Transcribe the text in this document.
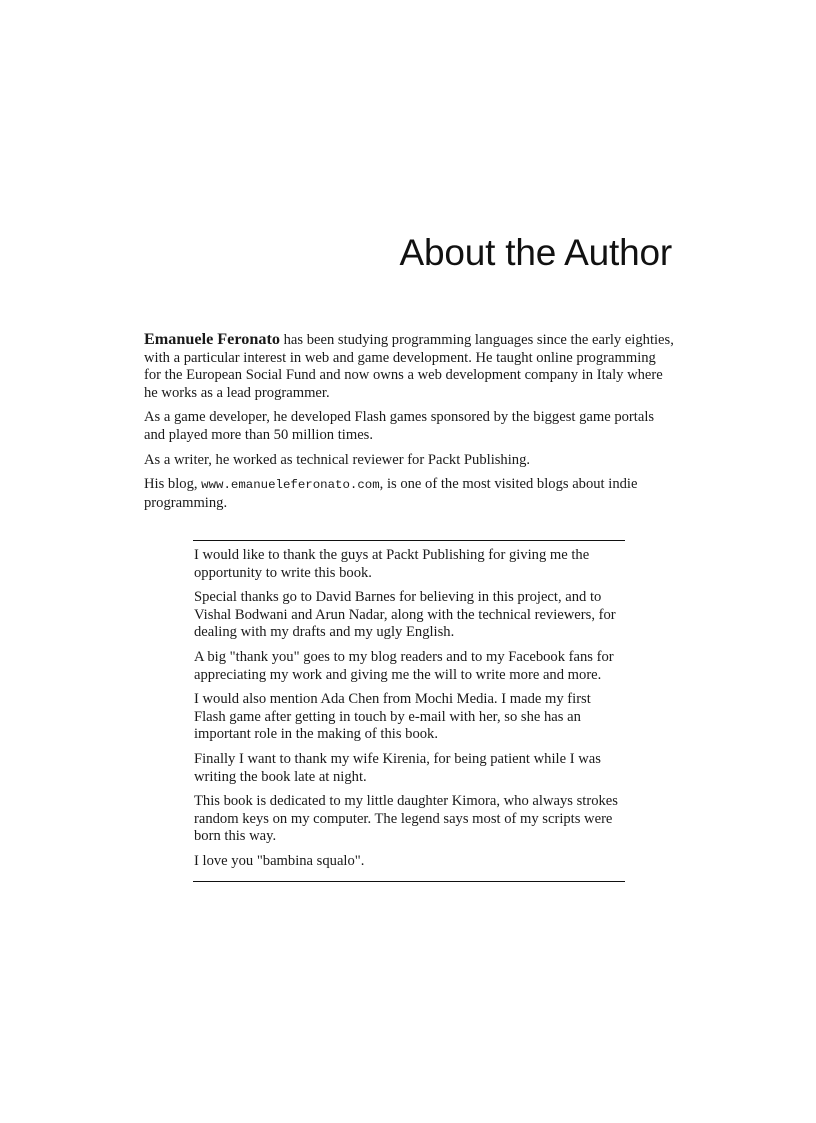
About the Author

Emanuele Feronato has been studying programming languages since the early eighties, with a particular interest in web and game development. He taught online programming for the European Social Fund and now owns a web development company in Italy where he works as a lead programmer.

As a game developer, he developed Flash games sponsored by the biggest game portals and played more than 50 million times.

As a writer, he worked as technical reviewer for Packt Publishing.

His blog, www.emanueleferonato.com, is one of the most visited blogs about indie programming.

I would like to thank the guys at Packt Publishing for giving me the opportunity to write this book.

Special thanks go to David Barnes for believing in this project, and to Vishal Bodwani and Arun Nadar, along with the technical reviewers, for dealing with my drafts and my ugly English.

A big "thank you" goes to my blog readers and to my Facebook fans for appreciating my work and giving me the will to write more and more.

I would also mention Ada Chen from Mochi Media. I made my first Flash game after getting in touch by e-mail with her, so she has an important role in the making of this book.

Finally I want to thank my wife Kirenia, for being patient while I was writing the book late at night.

This book is dedicated to my little daughter Kimora, who always strokes random keys on my computer. The legend says most of my scripts were born this way.

I love you "bambina squalo".
